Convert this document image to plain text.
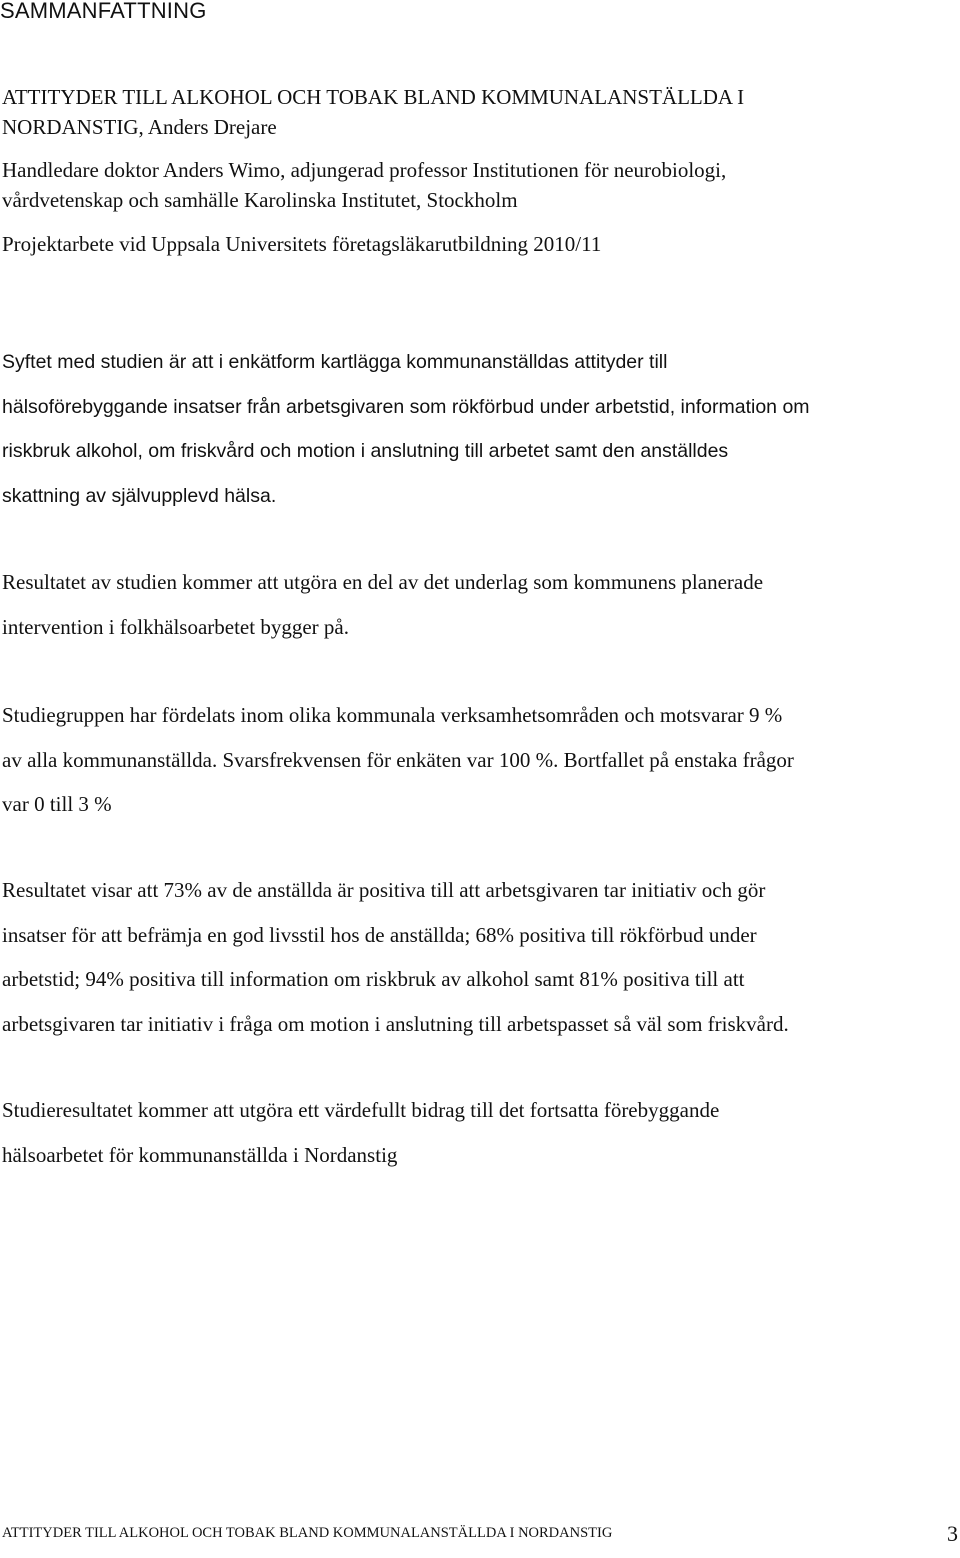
SAMMANFATTNING
ATTITYDER TILL ALKOHOL OCH TOBAK BLAND KOMMUNALANSTÄLLDA I
NORDANSTIG, Anders Drejare
Handledare doktor Anders Wimo, adjungerad professor Institutionen för neurobiologi,
vårdvetenskap och samhälle Karolinska Institutet, Stockholm
Projektarbete vid Uppsala Universitets företagsläkarutbildning 2010/11
Syftet med studien är att i enkätform kartlägga kommunanställdas attityder till
hälsoförebyggande insatser från arbetsgivaren som rökförbud under arbetstid, information om
riskbruk alkohol, om friskvård och motion i anslutning till arbetet samt den anställdes
skattning av självupplevd hälsa.
Resultatet av studien kommer att utgöra en del av det underlag som kommunens planerade
intervention i folkhälsoarbetet bygger på.
Studiegruppen har fördelats inom olika kommunala verksamhetsområden och motsvarar 9 %
av alla kommunanställda. Svarsfrekvensen för enkäten var 100 %. Bortfallet på enstaka frågor
var 0 till 3 %
Resultatet visar att 73% av de anställda är positiva till att arbetsgivaren tar initiativ och gör
insatser för att befrämja en god livsstil hos de anställda; 68% positiva till rökförbud under
arbetstid; 94% positiva till information om riskbruk av alkohol samt 81% positiva till att
arbetsgivaren tar initiativ i fråga om motion i anslutning till arbetspasset så väl som friskvård.
Studieresultatet kommer att utgöra ett värdefullt bidrag till det fortsatta förebyggande
hälsoarbetet för kommunanställda i Nordanstig
ATTITYDER TILL ALKOHOL OCH TOBAK BLAND KOMMUNALANSTÄLLDA I NORDANSTIG	3
